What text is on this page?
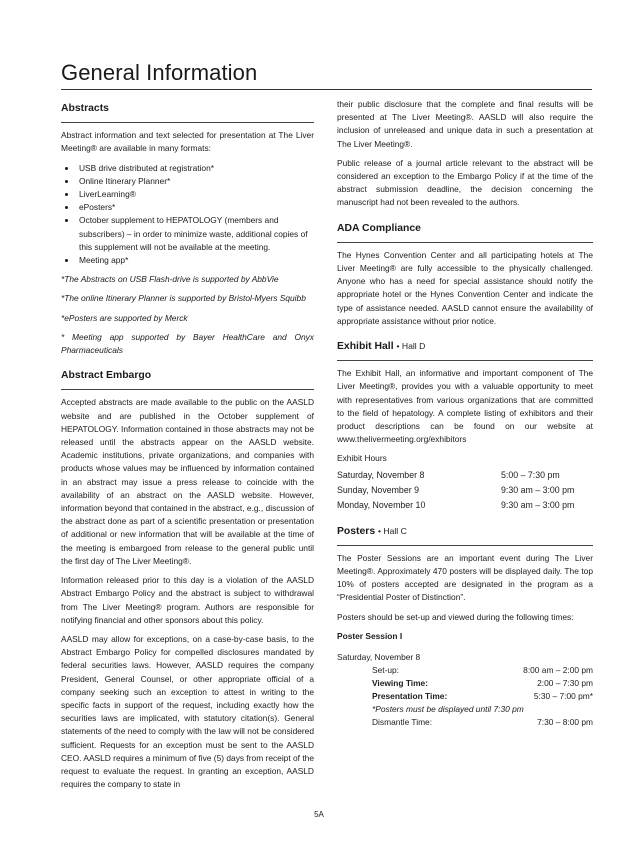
General Information
Abstracts

Abstract information and text selected for presentation at The Liver Meeting® are available in many formats:

• USB drive distributed at registration*
• Online Itinerary Planner*
• LiverLearning®
• ePosters*
• October supplement to HEPATOLOGY (members and subscribers) – in order to minimize waste, additional copies of this supplement will not be available at the meeting.
• Meeting app*

*The Abstracts on USB Flash-drive is supported by AbbVie

*The online Itinerary Planner is supported by Bristol-Myers Squibb

*ePosters are supported by Merck

* Meeting app supported by Bayer HealthCare and Onyx Pharmaceuticals

Abstract Embargo

Accepted abstracts are made available to the public on the AASLD website and are published in the October supplement of HEPATOLOGY. Information contained in those abstracts may not be released until the abstracts appear on the AASLD website. Academic institutions, private organizations, and companies with products whose values may be influenced by information contained in an abstract may issue a press release to coincide with the availability of an abstract on the AASLD website. However, information beyond that contained in the abstract, e.g., discussion of the abstract done as part of a scientific presentation or presentation of additional or new information that will be available at the time of the meeting is embargoed from release to the general public until the first day of The Liver Meeting®.

Information released prior to this day is a violation of the AASLD Abstract Embargo Policy and the abstract is subject to withdrawal from The Liver Meeting® program. Authors are responsible for notifying financial and other sponsors about this policy.

AASLD may allow for exceptions, on a case-by-case basis, to the Abstract Embargo Policy for compelled disclosures mandated by federal securities laws. However, AASLD requires the company President, General Counsel, or other appropriate official of a company seeking such an exception to attest in writing to the specific facts in support of the request, including exactly how the securities laws are implicated, with statutory citation(s). General statements of the need to comply with the law will not be considered sufficient. Requests for an exception must be sent to the AASLD CEO. AASLD requires a minimum of five (5) days from receipt of the request to evaluate the request. In granting an exception, AASLD requires the company to state in

their public disclosure that the complete and final results will be presented at The Liver Meeting®. AASLD will also require the inclusion of unreleased and unique data in such a presentation at The Liver Meeting®.

Public release of a journal article relevant to the abstract will be considered an exception to the Embargo Policy if at the time of the abstract submission deadline, the decision concerning the manuscript had not been revealed to the authors.

ADA Compliance

The Hynes Convention Center and all participating hotels at The Liver Meeting® are fully accessible to the physically challenged. Anyone who has a need for special assistance should notify the appropriate hotel or the Hynes Convention Center and indicate the type of assistance needed. AASLD cannot ensure the availability of appropriate assistance without prior notice.

Exhibit Hall • Hall D

The Exhibit Hall, an informative and important component of The Liver Meeting®, provides you with a valuable opportunity to meet with representatives from various organizations that are committed to the field of hepatology. A complete listing of exhibitors and their product descriptions can be found on our website at www.thelivermeeting.org/exhibitors

Exhibit Hours
Saturday, November 8	5:00 – 7:30 pm
Sunday, November 9	9:30 am – 3:00 pm
Monday, November 10	9:30 am – 3:00 pm
Posters • Hall C

The Poster Sessions are an important event during The Liver Meeting®. Approximately 470 posters will be displayed daily. The top 10% of posters accepted are designated in the program as a “Presidential Poster of Distinction”.

Posters should be set-up and viewed during the following times:

Poster Session I
Saturday, November 8
Set-up:	8:00 am – 2:00 pm
Viewing Time:	2:00 – 7:30 pm
Presentation Time:	5:30 – 7:00 pm*
*Posters must be displayed until 7:30 pm
Dismantle Time:	7:30 – 8:00 pm
5A
